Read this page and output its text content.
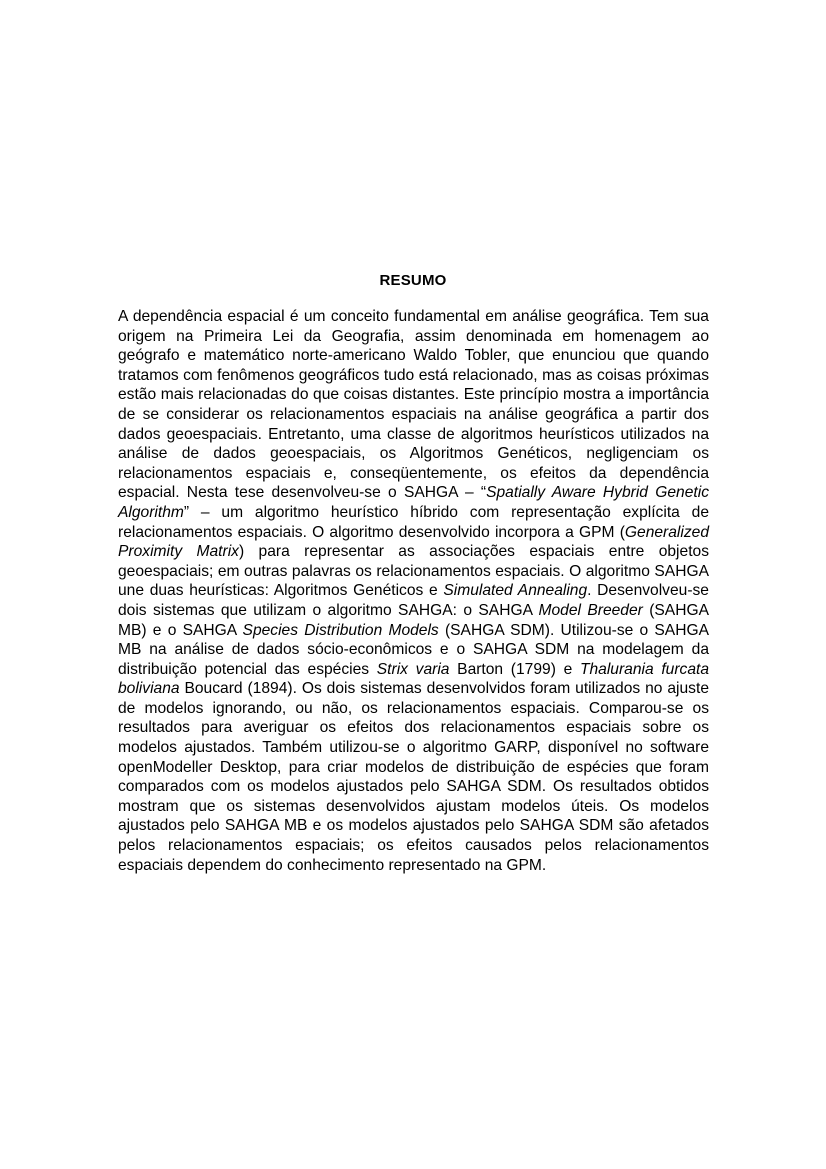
RESUMO
A dependência espacial é um conceito fundamental em análise geográfica. Tem sua origem na Primeira Lei da Geografia, assim denominada em homenagem ao geógrafo e matemático norte-americano Waldo Tobler, que enunciou que quando tratamos com fenômenos geográficos tudo está relacionado, mas as coisas próximas estão mais relacionadas do que coisas distantes. Este princípio mostra a importância de se considerar os relacionamentos espaciais na análise geográfica a partir dos dados geoespaciais. Entretanto, uma classe de algoritmos heurísticos utilizados na análise de dados geoespaciais, os Algoritmos Genéticos, negligenciam os relacionamentos espaciais e, conseqüentemente, os efeitos da dependência espacial. Nesta tese desenvolveu-se o SAHGA – “Spatially Aware Hybrid Genetic Algorithm” – um algoritmo heurístico híbrido com representação explícita de relacionamentos espaciais. O algoritmo desenvolvido incorpora a GPM (Generalized Proximity Matrix) para representar as associações espaciais entre objetos geoespaciais; em outras palavras os relacionamentos espaciais. O algoritmo SAHGA une duas heurísticas: Algoritmos Genéticos e Simulated Annealing. Desenvolveu-se dois sistemas que utilizam o algoritmo SAHGA: o SAHGA Model Breeder (SAHGA MB) e o SAHGA Species Distribution Models (SAHGA SDM). Utilizou-se o SAHGA MB na análise de dados sócio-econômicos e o SAHGA SDM na modelagem da distribuição potencial das espécies Strix varia Barton (1799) e Thalurania furcata boliviana Boucard (1894). Os dois sistemas desenvolvidos foram utilizados no ajuste de modelos ignorando, ou não, os relacionamentos espaciais. Comparou-se os resultados para averiguar os efeitos dos relacionamentos espaciais sobre os modelos ajustados. Também utilizou-se o algoritmo GARP, disponível no software openModeller Desktop, para criar modelos de distribuição de espécies que foram comparados com os modelos ajustados pelo SAHGA SDM. Os resultados obtidos mostram que os sistemas desenvolvidos ajustam modelos úteis. Os modelos ajustados pelo SAHGA MB e os modelos ajustados pelo SAHGA SDM são afetados pelos relacionamentos espaciais; os efeitos causados pelos relacionamentos espaciais dependem do conhecimento representado na GPM.
